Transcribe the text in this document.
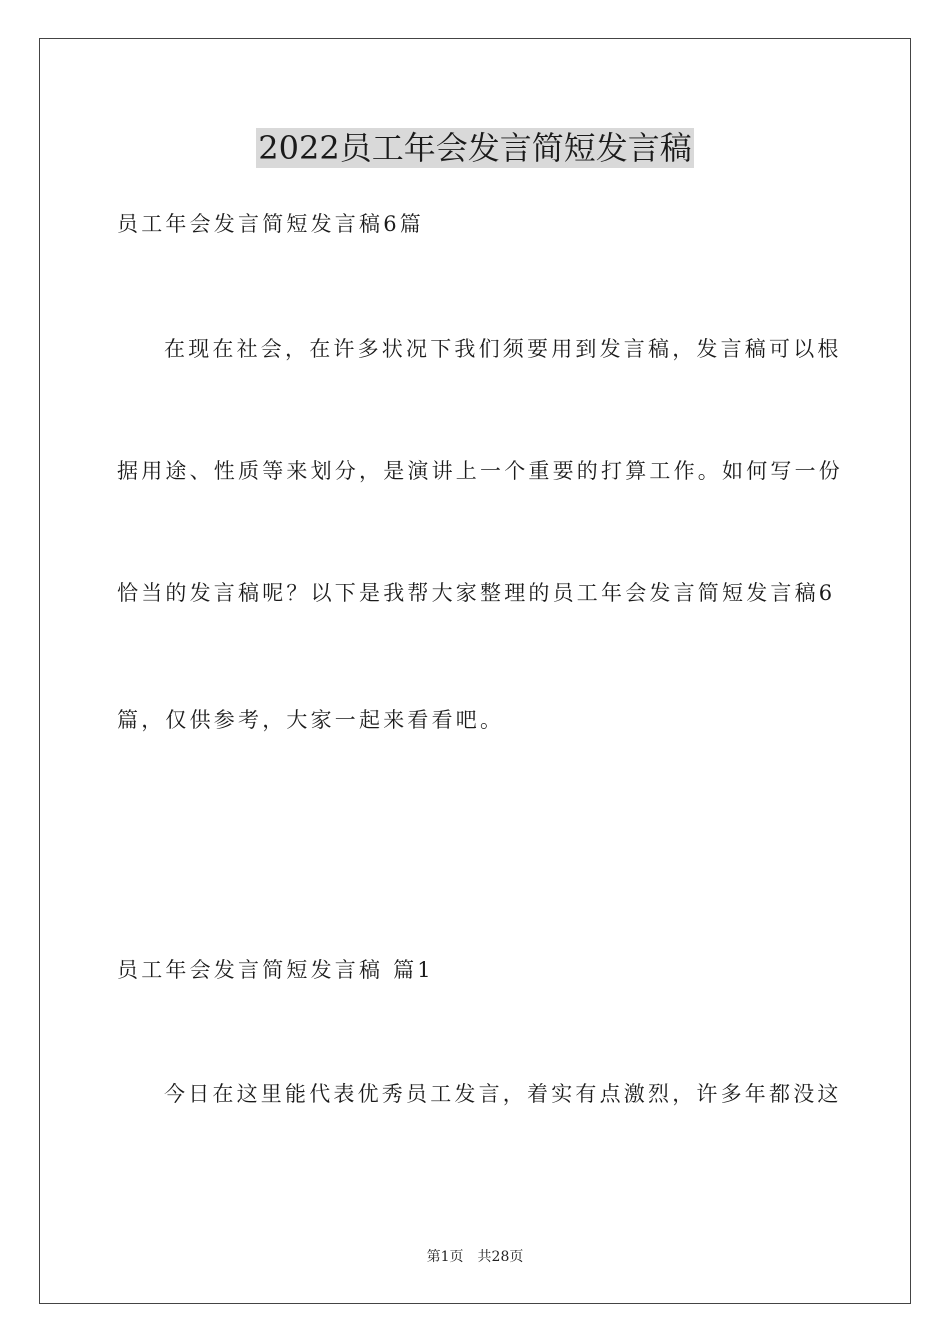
2022员工年会发言简短发言稿
员工年会发言简短发言稿6篇
在现在社会，在许多状况下我们须要用到发言稿，发言稿可以根
据用途、性质等来划分，是演讲上一个重要的打算工作。如何写一份
恰当的发言稿呢？以下是我帮大家整理的员工年会发言简短发言稿6
篇，仅供参考，大家一起来看看吧。
员工年会发言简短发言稿 篇1
今日在这里能代表优秀员工发言，着实有点激烈，许多年都没这
第1页　共28页
